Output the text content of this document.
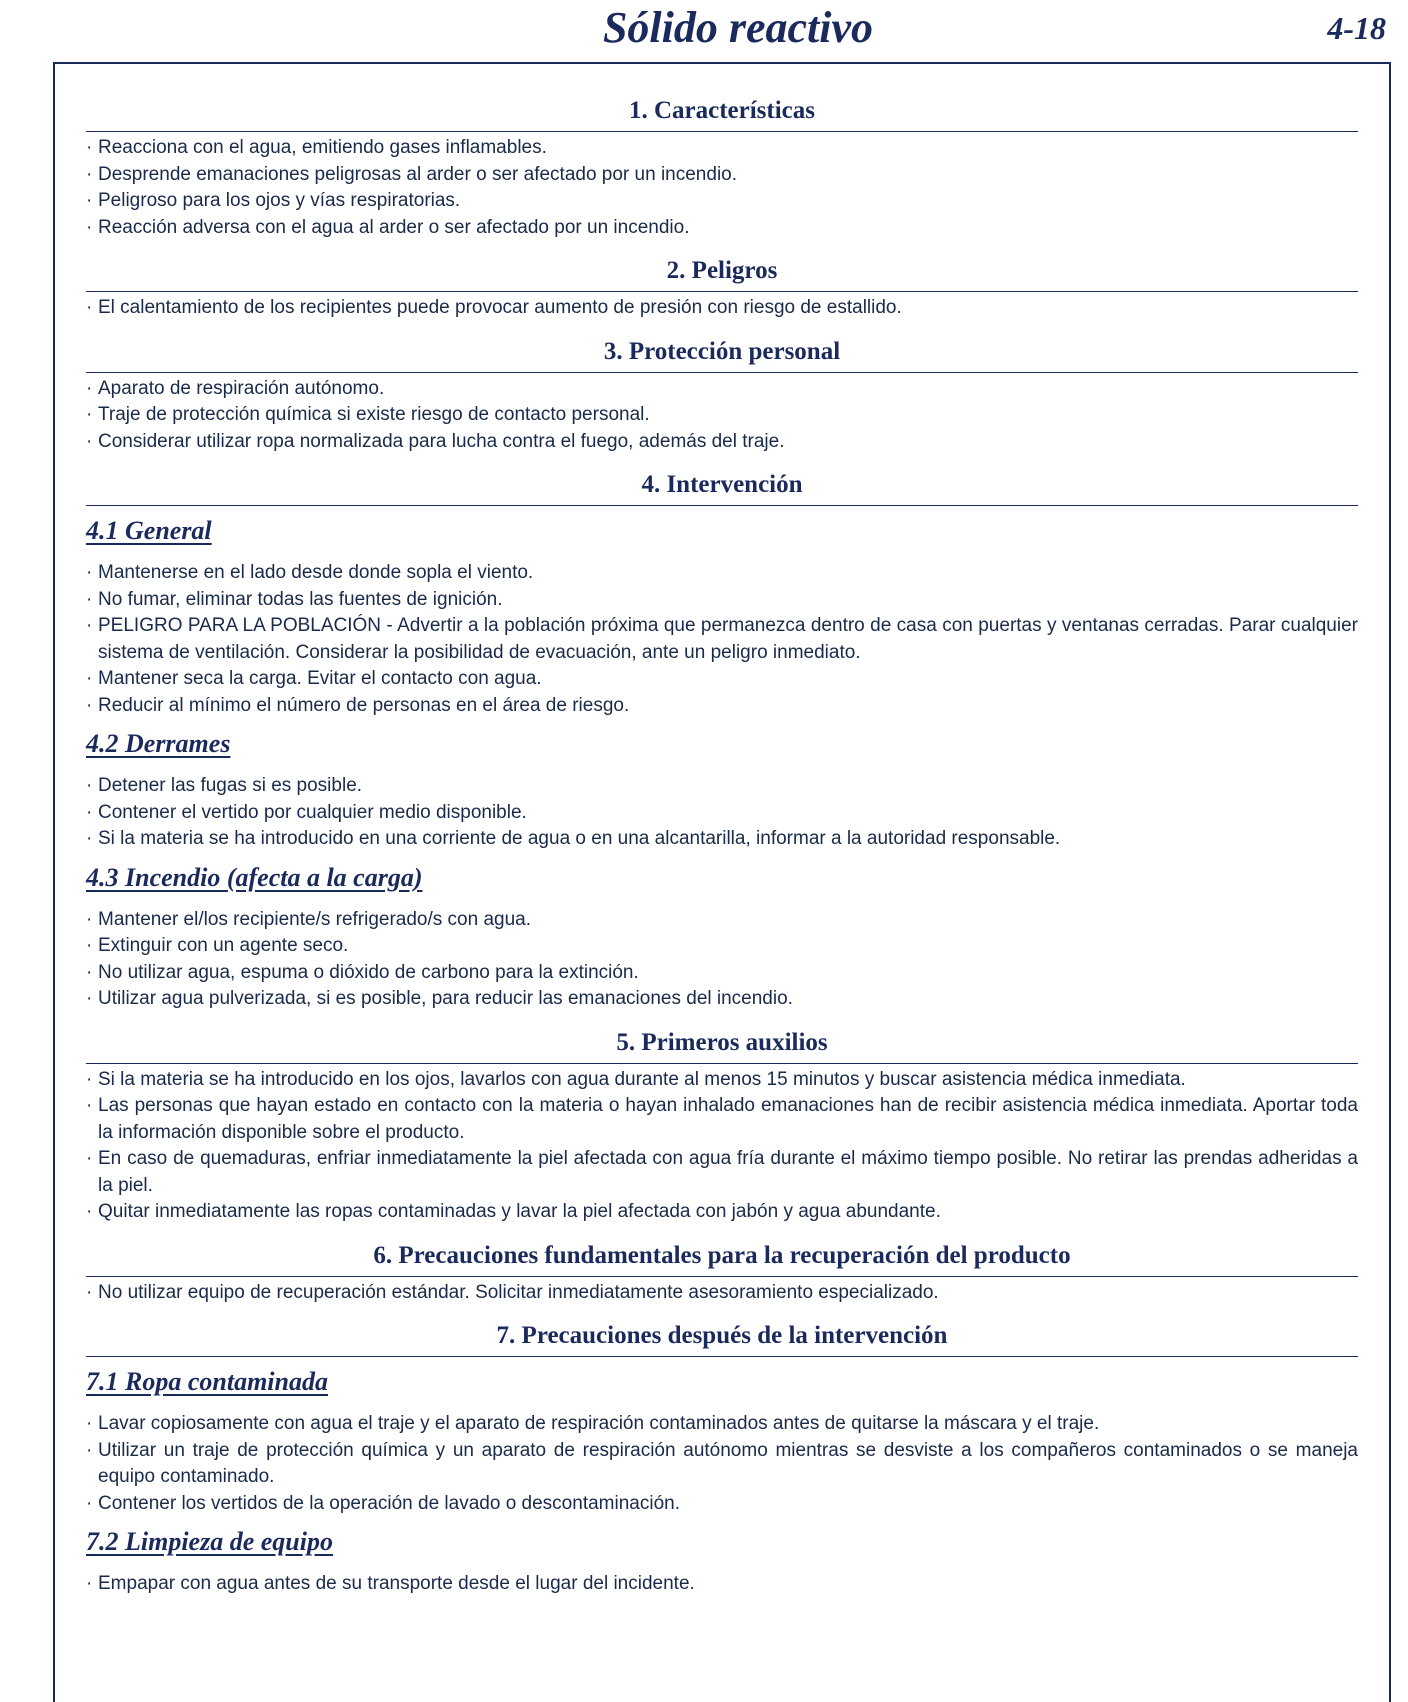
Sólido reactivo	4-18
1. Características
· Reacciona con el agua, emitiendo gases inflamables.
· Desprende emanaciones peligrosas al arder o ser afectado por un incendio.
· Peligroso para los ojos y vías respiratorias.
· Reacción adversa con el agua al arder o ser afectado por un incendio.
2. Peligros
· El calentamiento de los recipientes puede provocar aumento de presión con riesgo de estallido.
3. Protección personal
· Aparato de respiración autónomo.
· Traje de protección química si existe riesgo de contacto personal.
· Considerar utilizar ropa normalizada para lucha contra el fuego, además del traje.
4. Intervención
4.1 General
· Mantenerse en el lado desde donde sopla el viento.
· No fumar, eliminar todas las fuentes de ignición.
· PELIGRO PARA LA POBLACIÓN - Advertir a la población próxima que permanezca dentro de casa con puertas y ventanas cerradas. Parar cualquier sistema de ventilación. Considerar la posibilidad de evacuación, ante un peligro inmediato.
· Mantener seca la carga. Evitar el contacto con agua.
· Reducir al mínimo el número de personas en el área de riesgo.
4.2 Derrames
· Detener las fugas si es posible.
· Contener el vertido por cualquier medio disponible.
· Si la materia se ha introducido en una corriente de agua o en una alcantarilla, informar a la autoridad responsable.
4.3 Incendio (afecta a la carga)
· Mantener el/los recipiente/s refrigerado/s con agua.
· Extinguir con un agente seco.
· No utilizar agua, espuma o dióxido de carbono para la extinción.
· Utilizar agua pulverizada, si es posible, para reducir las emanaciones del incendio.
5. Primeros auxilios
· Si la materia se ha introducido en los ojos, lavarlos con agua durante al menos 15 minutos y buscar asistencia médica inmediata.
· Las personas que hayan estado en contacto con la materia o hayan inhalado emanaciones han de recibir asistencia médica inmediata. Aportar toda la información disponible sobre el producto.
· En caso de quemaduras, enfriar inmediatamente la piel afectada con agua fría durante el máximo tiempo posible. No retirar las prendas adheridas a la piel.
· Quitar inmediatamente las ropas contaminadas y lavar la piel afectada con jabón y agua abundante.
6. Precauciones fundamentales para la recuperación del producto
· No utilizar equipo de recuperación estándar. Solicitar inmediatamente asesoramiento especializado.
7. Precauciones después de la intervención
7.1 Ropa contaminada
· Lavar copiosamente con agua el traje y el aparato de respiración contaminados antes de quitarse la máscara y el traje.
· Utilizar un traje de protección química y un aparato de respiración autónomo mientras se desviste a los compañeros contaminados o se maneja equipo contaminado.
· Contener los vertidos de la operación de lavado o descontaminación.
7.2 Limpieza de equipo
· Empapar con agua antes de su transporte desde el lugar del incidente.
